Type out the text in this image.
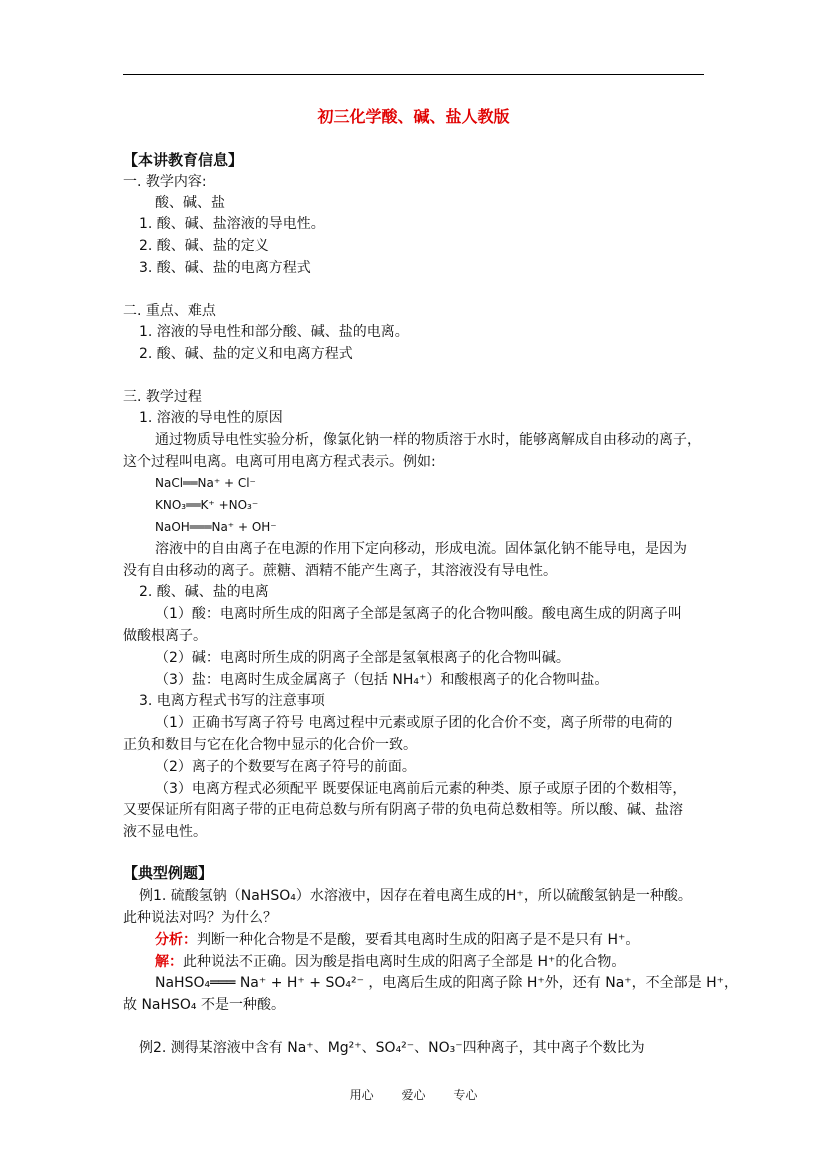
初三化学酸、碱、盐人教版
【本讲教育信息】
一. 教学内容:
酸、碱、盐
1. 酸、碱、盐溶液的导电性。
2. 酸、碱、盐的定义
3. 酸、碱、盐的电离方程式
二. 重点、难点
1. 溶液的导电性和部分酸、碱、盐的电离。
2. 酸、碱、盐的定义和电离方程式
三. 教学过程
1. 溶液的导电性的原因
通过物质导电性实验分析，像氯化钠一样的物质溶于水时，能够离解成自由移动的离子，
这个过程叫电离。电离可用电离方程式表示。例如:
NaCl══Na⁺ + Cl⁻
KNO₃══K⁺ +NO₃⁻
NaOH═══Na⁺ + OH⁻
溶液中的自由离子在电源的作用下定向移动，形成电流。固体氯化钠不能导电，是因为
没有自由移动的离子。蔗糖、酒精不能产生离子，其溶液没有导电性。
2. 酸、碱、盐的电离
（1）酸：电离时所生成的阳离子全部是氢离子的化合物叫酸。酸电离生成的阴离子叫
做酸根离子。
（2）碱：电离时所生成的阴离子全部是氢氧根离子的化合物叫碱。
（3）盐：电离时生成金属离子（包括 NH₄⁺）和酸根离子的化合物叫盐。
3. 电离方程式书写的注意事项
（1）正确书写离子符号 电离过程中元素或原子团的化合价不变，离子所带的电荷的
正负和数目与它在化合物中显示的化合价一致。
（2）离子的个数要写在离子符号的前面。
（3）电离方程式必须配平 既要保证电离前后元素的种类、原子或原子团的个数相等，
又要保证所有阳离子带的正电荷总数与所有阴离子带的负电荷总数相等。所以酸、碱、盐溶
液不显电性。
【典型例题】
例1. 硫酸氢钠（NaHSO₄）水溶液中，因存在着电离生成的H⁺，所以硫酸氢钠是一种酸。
此种说法对吗？为什么？
分析：判断一种化合物是不是酸，要看其电离时生成的阳离子是不是只有 H⁺。
解：此种说法不正确。因为酸是指电离时生成的阳离子全部是 H⁺的化合物。
NaHSO₄═══ Na⁺ + H⁺ + SO₄²⁻ ，电离后生成的阳离子除 H⁺外，还有 Na⁺，不全部是 H⁺，
故 NaHSO₄ 不是一种酸。
例2. 测得某溶液中含有 Na⁺、Mg²⁺、SO₄²⁻、NO₃⁻四种离子，其中离子个数比为
用心 爱心 专心
